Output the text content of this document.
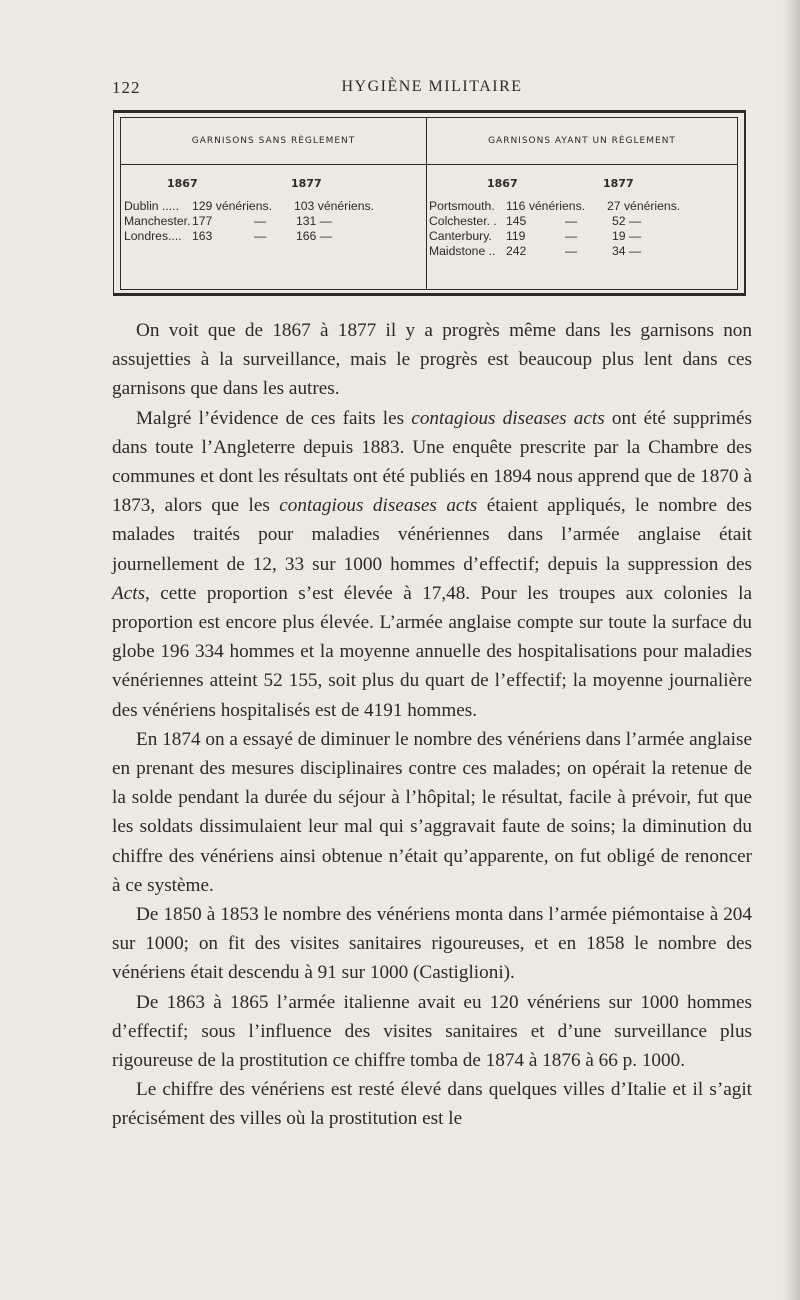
122	HYGIÈNE MILITAIRE
GARNISONS SANS RÈGLEMENT
1867	1877
Dublin ..... 129 vénériens. 103 vénériens.
Manchester. 177	— 131 —
Londres.... 163	— 166 —
GARNISONS AYANT UN RÈGLEMENT
1867	1877
Portsmouth. 116 vénériens. 27 vénériens.
Colchester. . 145	—	52 —
Canterbury. 119	—	19 —
Maidstone .. 242	—	34 —

On voit que de 1867 à 1877 il y a progrès même dans les garnisons non assujetties à la surveillance, mais le progrès est beaucoup plus lent dans ces garnisons que dans les autres.

Malgré l’évidence de ces faits les contagious diseases acts ont été supprimés dans toute l’Angleterre depuis 1883. Une enquête prescrite par la Chambre des communes et dont les résultats ont été publiés en 1894 nous apprend que de 1870 à 1873, alors que les contagious diseases acts étaient appliqués, le nombre des malades traités pour maladies vénériennes dans l’armée anglaise était journellement de 12, 33 sur 1000 hommes d’effectif; depuis la suppression des Acts, cette proportion s’est élevée à 17,48. Pour les troupes aux colonies la proportion est encore plus élevée. L’armée anglaise compte sur toute la surface du globe 196 334 hommes et la moyenne annuelle des hospitalisations pour maladies vénériennes atteint 52 155, soit plus du quart de l’effectif; la moyenne journalière des vénériens hospitalisés est de 4191 hommes.

En 1874 on a essayé de diminuer le nombre des vénériens dans l’armée anglaise en prenant des mesures disciplinaires contre ces malades; on opérait la retenue de la solde pendant la durée du séjour à l’hôpital; le résultat, facile à prévoir, fut que les soldats dissimulaient leur mal qui s’aggravait faute de soins; la diminution du chiffre des vénériens ainsi obtenue n’était qu’apparente, on fut obligé de renoncer à ce système.

De 1850 à 1853 le nombre des vénériens monta dans l’armée piémontaise à 204 sur 1000; on fit des visites sanitaires rigoureuses, et en 1858 le nombre des vénériens était descendu à 91 sur 1000 (Castiglioni).

De 1863 à 1865 l’armée italienne avait eu 120 vénériens sur 1000 hommes d’effectif; sous l’influence des visites sanitaires et d’une surveillance plus rigoureuse de la prostitution ce chiffre tomba de 1874 à 1876 à 66 p. 1000.

Le chiffre des vénériens est resté élevé dans quelques villes d’Italie et il s’agit précisément des villes où la prostitution est le
